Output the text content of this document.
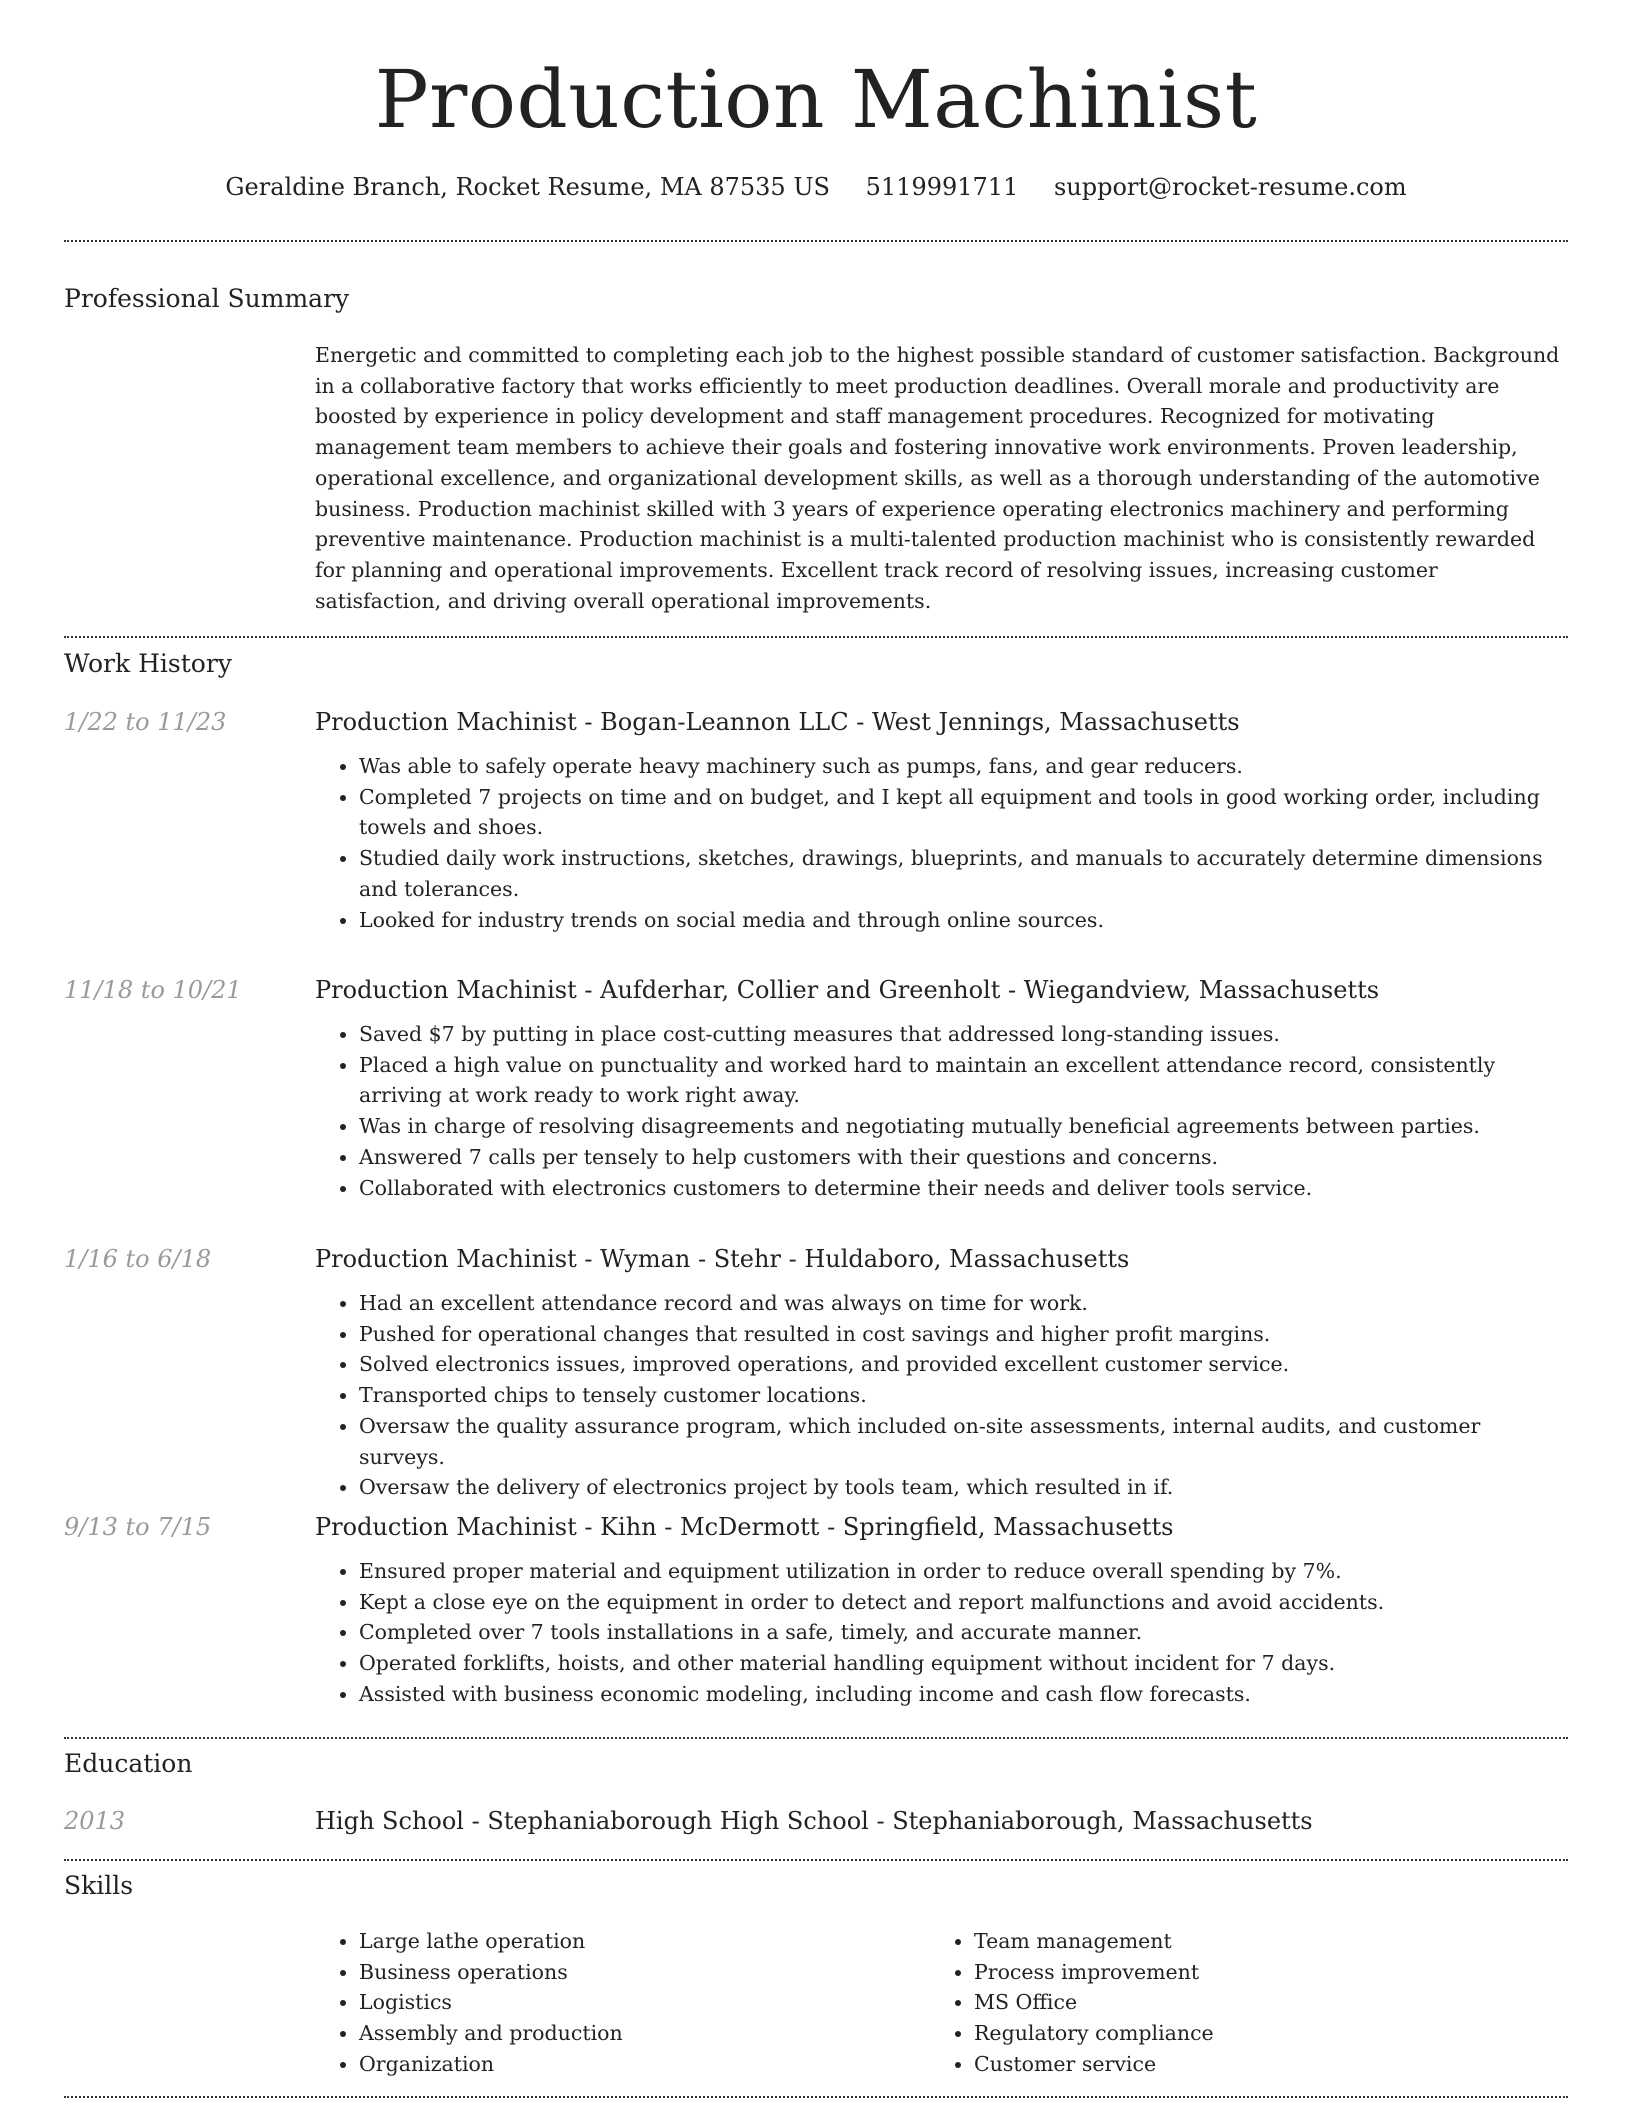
Production Machinist
Geraldine Branch, Rocket Resume, MA 87535 US 5119991711 support@rocket-resume.com
Professional Summary

Energetic and committed to completing each job to the highest possible standard of customer satisfaction. Background in a collaborative factory that works efficiently to meet production deadlines. Overall morale and productivity are boosted by experience in policy development and staff management procedures. Recognized for motivating management team members to achieve their goals and fostering innovative work environments. Proven leadership, operational excellence, and organizational development skills, as well as a thorough understanding of the automotive business. Production machinist skilled with 3 years of experience operating electronics machinery and performing preventive maintenance. Production machinist is a multi-talented production machinist who is consistently rewarded for planning and operational improvements. Excellent track record of resolving issues, increasing customer satisfaction, and driving overall operational improvements.

Work History
1/22 to 11/23	Production Machinist - Bogan-Leannon LLC - West Jennings, Massachusetts
• Was able to safely operate heavy machinery such as pumps, fans, and gear reducers.
• Completed 7 projects on time and on budget, and I kept all equipment and tools in good working order, including towels and shoes.
• Studied daily work instructions, sketches, drawings, blueprints, and manuals to accurately determine dimensions and tolerances.
• Looked for industry trends on social media and through online sources.
11/18 to 10/21	Production Machinist - Aufderhar, Collier and Greenholt - Wiegandview, Massachusetts
• Saved $7 by putting in place cost-cutting measures that addressed long-standing issues.
• Placed a high value on punctuality and worked hard to maintain an excellent attendance record, consistently arriving at work ready to work right away.
• Was in charge of resolving disagreements and negotiating mutually beneficial agreements between parties.
• Answered 7 calls per tensely to help customers with their questions and concerns.
• Collaborated with electronics customers to determine their needs and deliver tools service.
1/16 to 6/18	Production Machinist - Wyman - Stehr - Huldaboro, Massachusetts
• Had an excellent attendance record and was always on time for work.
• Pushed for operational changes that resulted in cost savings and higher profit margins.
• Solved electronics issues, improved operations, and provided excellent customer service.
• Transported chips to tensely customer locations.
• Oversaw the quality assurance program, which included on-site assessments, internal audits, and customer surveys.
• Oversaw the delivery of electronics project by tools team, which resulted in if.
9/13 to 7/15	Production Machinist - Kihn - McDermott - Springfield, Massachusetts
• Ensured proper material and equipment utilization in order to reduce overall spending by 7%.
• Kept a close eye on the equipment in order to detect and report malfunctions and avoid accidents.
• Completed over 7 tools installations in a safe, timely, and accurate manner.
• Operated forklifts, hoists, and other material handling equipment without incident for 7 days.
• Assisted with business economic modeling, including income and cash flow forecasts.
Education
2013	High School - Stephaniaborough High School - Stephaniaborough, Massachusetts
Skills
• Large lathe operation
• Business operations
• Logistics
• Assembly and production
• Organization
• Team management
• Process improvement
• MS Office
• Regulatory compliance
• Customer service
